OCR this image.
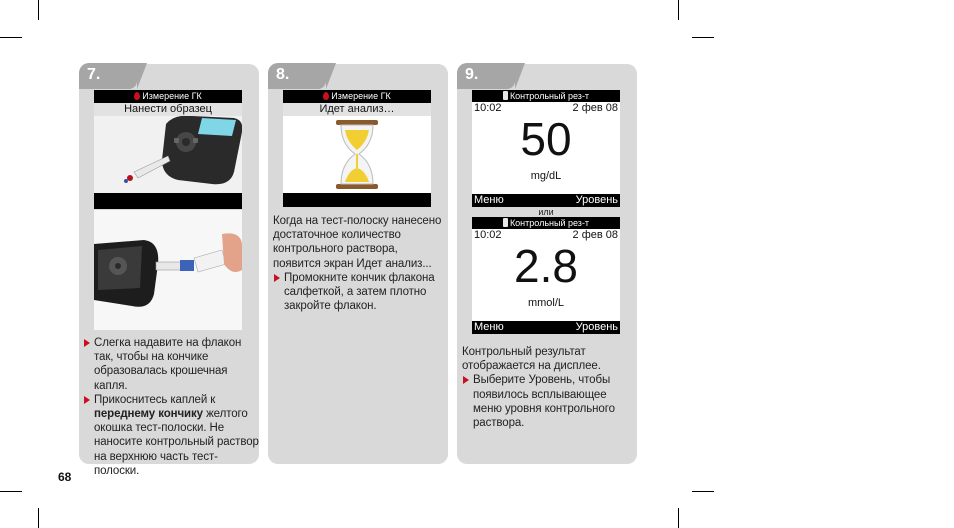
7.
Измерение ГК
Нанести образец

Слегка надавите на флакон так, чтобы на кончике образовалась крошечная капля.

Прикоснитесь каплей к переднему кончику желтого окошка тест-полоски. Не наносите контрольный раствор на верхнюю часть тест-полоски.

8.
Измерение ГК
Идет анализ…

Когда на тест-полоску нанесено достаточное количество контрольного раствора, появится экран Идет анализ...

Промокните кончик флакона салфеткой, а затем плотно закройте флакон.

9.
Контрольный рез-т
10:02	2 фев 08
50
mg/dL
Меню	Уровень
или
Контрольный рез-т
10:02	2 фев 08
2.8
mmol/L
Меню	Уровень

Контрольный результат отображается на дисплее.

Выберите Уровень, чтобы появилось всплывающее меню уровня контрольного раствора.

68
